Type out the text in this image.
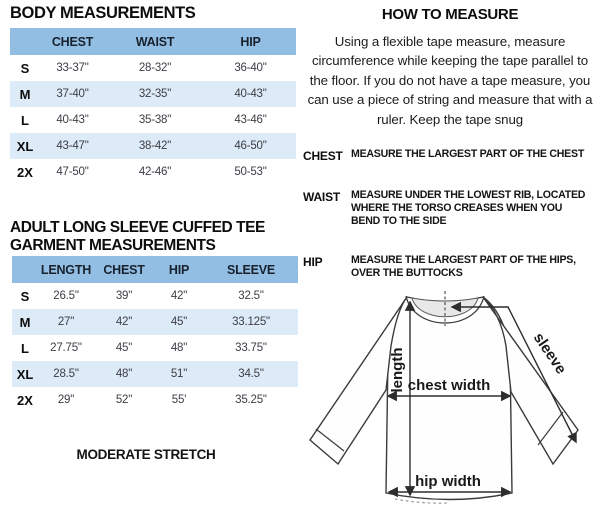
BODY MEASUREMENTS
	CHEST	WAIST	HIP
S	33-37"	28-32"	36-40"
M	37-40"	32-35"	40-43"
L	40-43"	35-38"	43-46"
XL	43-47"	38-42"	46-50"
2X	47-50"	42-46"	50-53"
ADULT LONG SLEEVE CUFFED TEE
GARMENT MEASUREMENTS
	LENGTH	CHEST	HIP	SLEEVE
S	26.5"	39"	42"	32.5"
M	27"	42"	45"	33.125"
L	27.75"	45"	48"	33.75"
XL	28.5"	48"	51"	34.5"
2X	29"	52"	55'	35.25"
MODERATE STRETCH
HOW TO MEASURE

Using a flexible tape measure, measure circumference while keeping the tape parallel to the floor. If you do not have a tape measure, you can use a piece of string and measure that with a ruler. Keep the tape snug

CHEST MEASURE THE LARGEST PART OF THE CHEST
WAIST	MEASURE UNDER THE LOWEST RIB, LOCATED WHERE THE TORSO CREASES WHEN YOU BEND TO THE SIDE
HIP	MEASURE THE LARGEST PART OF THE HIPS, OVER THE BUTTOCKS
length chest width
hip width
sleeve
